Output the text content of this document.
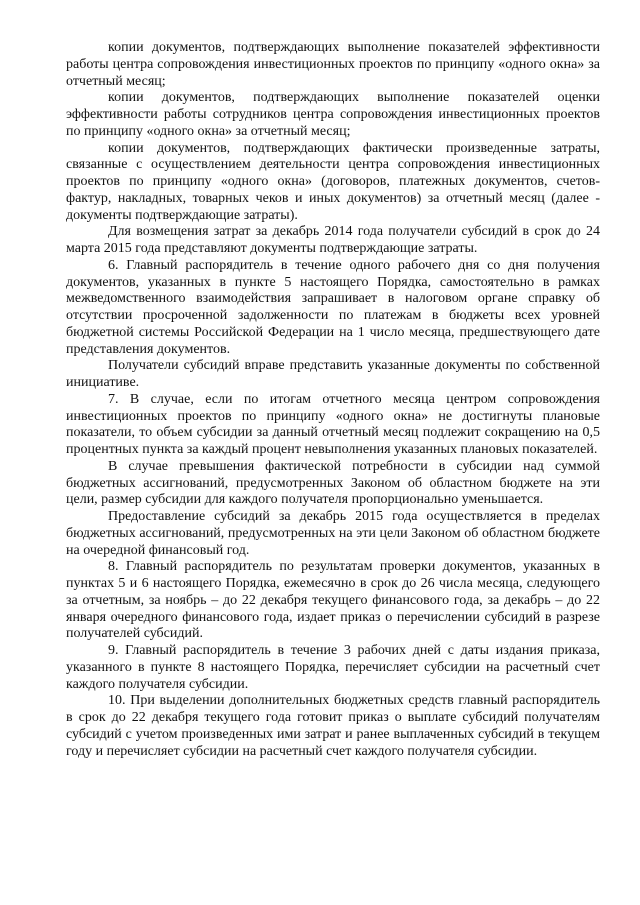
копии документов, подтверждающих выполнение показателей эффективности работы центра сопровождения инвестиционных проектов по принципу «одного окна» за отчетный месяц;

копии документов, подтверждающих выполнение показателей оценки эффективности работы сотрудников центра сопровождения инвестиционных проектов по принципу «одного окна» за отчетный месяц;

копии документов, подтверждающих фактически произведенные затраты, связанные с осуществлением деятельности центра сопровождения инвестиционных проектов по принципу «одного окна» (договоров, платежных документов, счетов-фактур, накладных, товарных чеков и иных документов) за отчетный месяц (далее - документы подтверждающие затраты).

Для возмещения затрат за декабрь 2014 года получатели субсидий в срок до 24 марта 2015 года представляют документы подтверждающие затраты.

6. Главный распорядитель в течение одного рабочего дня со дня получения документов, указанных в пункте 5 настоящего Порядка, самостоятельно в рамках межведомственного взаимодействия запрашивает в налоговом органе справку об отсутствии просроченной задолженности по платежам в бюджеты всех уровней бюджетной системы Российской Федерации на 1 число месяца, предшествующего дате представления документов.

Получатели субсидий вправе представить указанные документы по собственной инициативе.

7. В случае, если по итогам отчетного месяца центром сопровождения инвестиционных проектов по принципу «одного окна» не достигнуты плановые показатели, то объем субсидии за данный отчетный месяц подлежит сокращению на 0,5 процентных пункта за каждый процент невыполнения указанных плановых показателей.

В случае превышения фактической потребности в субсидии над суммой бюджетных ассигнований, предусмотренных Законом об областном бюджете на эти цели, размер субсидии для каждого получателя пропорционально уменьшается.

Предоставление субсидий за декабрь 2015 года осуществляется в пределах бюджетных ассигнований, предусмотренных на эти цели Законом об областном бюджете на очередной финансовый год.

8. Главный распорядитель по результатам проверки документов, указанных в пунктах 5 и 6 настоящего Порядка, ежемесячно в срок до 26 числа месяца, следующего за отчетным, за ноябрь – до 22 декабря текущего финансового года, за декабрь – до 22 января очередного финансового года, издает приказ о перечислении субсидий в разрезе получателей субсидий.

9. Главный распорядитель в течение 3 рабочих дней с даты издания приказа, указанного в пункте 8 настоящего Порядка, перечисляет субсидии на расчетный счет каждого получателя субсидии.

10. При выделении дополнительных бюджетных средств главный распорядитель в срок до 22 декабря текущего года готовит приказ о выплате субсидий получателям субсидий с учетом произведенных ими затрат и ранее выплаченных субсидий в текущем году и перечисляет субсидии на расчетный счет каждого получателя субсидии.
